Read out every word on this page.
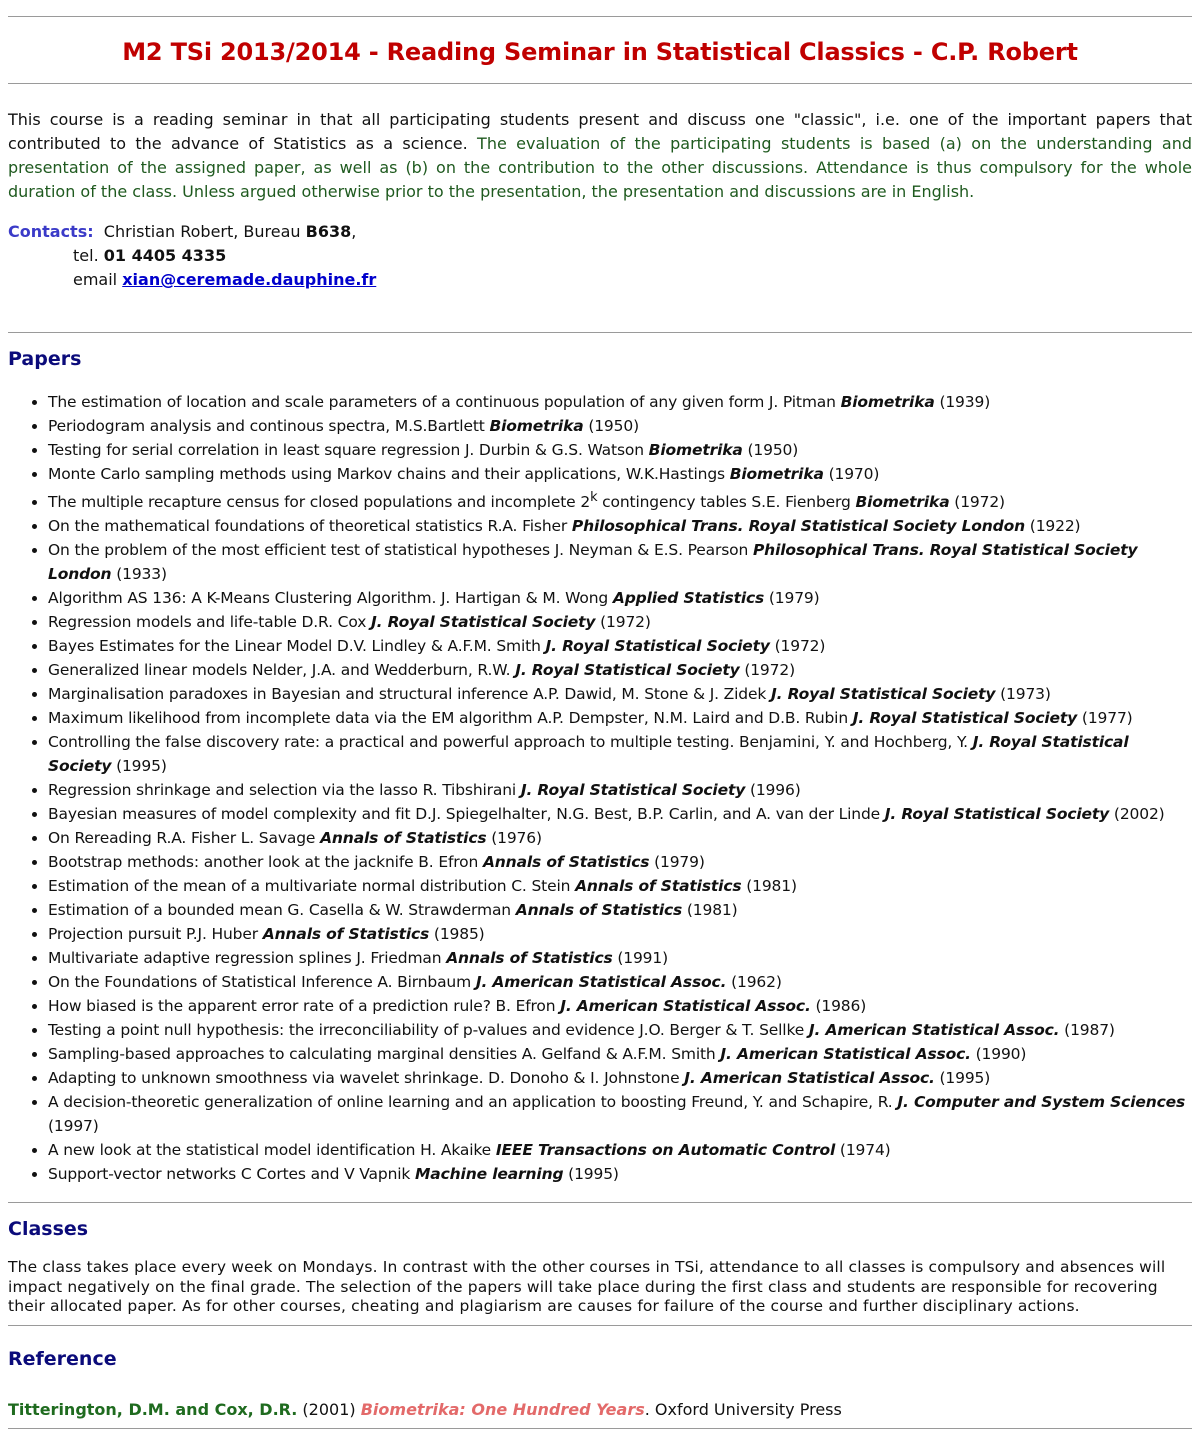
M2 TSi 2013/2014 - Reading Seminar in Statistical Classics - C.P. Robert

This course is a reading seminar in that all participating students present and discuss one "classic", i.e. one of the important papers that contributed to the advance of Statistics as a science. The evaluation of the participating students is based (a) on the understanding and presentation of the assigned paper, as well as (b) on the contribution to the other discussions. Attendance is thus compulsory for the whole duration of the class. Unless argued otherwise prior to the presentation, the presentation and discussions are in English.

Contacts: Christian Robert, Bureau B638,
tel. 01 4405 4335
email xian@ceremade.dauphine.fr
Papers
• The estimation of location and scale parameters of a continuous population of any given form J. Pitman Biometrika (1939)
• Periodogram analysis and continous spectra, M.S.Bartlett Biometrika (1950)
• Testing for serial correlation in least square regression J. Durbin & G.S. Watson Biometrika (1950)
• Monte Carlo sampling methods using Markov chains and their applications, W.K.Hastings Biometrika (1970)
• The multiple recapture census for closed populations and incomplete 2$^k$ contingency tables S.E. Fienberg Biometrika (1972)
• On the mathematical foundations of theoretical statistics R.A. Fisher Philosophical Trans. Royal Statistical Society London (1922)
• On the problem of the most efficient test of statistical hypotheses J. Neyman & E.S. Pearson Philosophical Trans. Royal Statistical Society London (1933)
• Algorithm AS 136: A K-Means Clustering Algorithm. J. Hartigan & M. Wong Applied Statistics (1979)
• Regression models and life-table D.R. Cox J. Royal Statistical Society (1972)
• Bayes Estimates for the Linear Model D.V. Lindley & A.F.M. Smith J. Royal Statistical Society (1972)
• Generalized linear models Nelder, J.A. and Wedderburn, R.W. J. Royal Statistical Society (1972)
• Marginalisation paradoxes in Bayesian and structural inference A.P. Dawid, M. Stone & J. Zidek J. Royal Statistical Society (1973)
• Maximum likelihood from incomplete data via the EM algorithm A.P. Dempster, N.M. Laird and D.B. Rubin J. Royal Statistical Society (1977)
• Controlling the false discovery rate: a practical and powerful approach to multiple testing. Benjamini, Y. and Hochberg, Y. J. Royal Statistical Society (1995)
• Regression shrinkage and selection via the lasso R. Tibshirani J. Royal Statistical Society (1996)
• Bayesian measures of model complexity and fit D.J. Spiegelhalter, N.G. Best, B.P. Carlin, and A. van der Linde J. Royal Statistical Society (2002)
• On Rereading R.A. Fisher L. Savage Annals of Statistics (1976)
• Bootstrap methods: another look at the jacknife B. Efron Annals of Statistics (1979)
• Estimation of the mean of a multivariate normal distribution C. Stein Annals of Statistics (1981)
• Estimation of a bounded mean G. Casella & W. Strawderman Annals of Statistics (1981)
• Projection pursuit P.J. Huber Annals of Statistics (1985)
• Multivariate adaptive regression splines J. Friedman Annals of Statistics (1991)
• On the Foundations of Statistical Inference A. Birnbaum J. American Statistical Assoc. (1962)
• How biased is the apparent error rate of a prediction rule? B. Efron J. American Statistical Assoc. (1986)
• Testing a point null hypothesis: the irreconciliability of p-values and evidence J.O. Berger & T. Sellke J. American Statistical Assoc. (1987)
• Sampling-based approaches to calculating marginal densities A. Gelfand & A.F.M. Smith J. American Statistical Assoc. (1990)
• Adapting to unknown smoothness via wavelet shrinkage. D. Donoho & I. Johnstone J. American Statistical Assoc. (1995)
• A decision-theoretic generalization of online learning and an application to boosting Freund, Y. and Schapire, R. J. Computer and System Sciences (1997)
• A new look at the statistical model identification H. Akaike IEEE Transactions on Automatic Control (1974)
• Support-vector networks C Cortes and V Vapnik Machine learning (1995)
Classes

The class takes place every week on Mondays. In contrast with the other courses in TSi, attendance to all classes is compulsory and absences will impact negatively on the final grade. The selection of the papers will take place during the first class and students are responsible for recovering their allocated paper. As for other courses, cheating and plagiarism are causes for failure of the course and further disciplinary actions.

Reference

Titterington, D.M. and Cox, D.R. (2001) Biometrika: One Hundred Years. Oxford University Press
